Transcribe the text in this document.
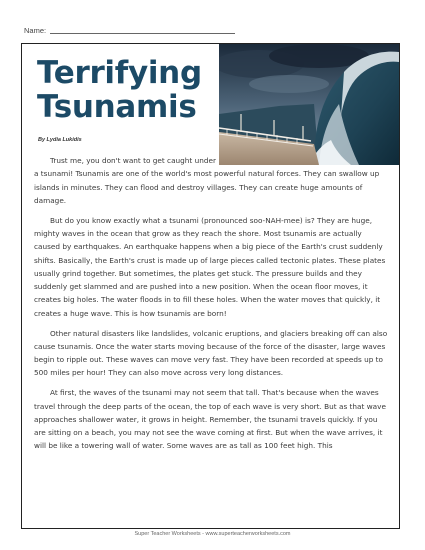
Name:
Terrifying
Tsunamis
By Lydia Lukidis

Trust me, you don't want to get caught under a tsunami! Tsunamis are one of the world's most powerful natural forces. They can swallow up islands in minutes. They can flood and destroy villages. They can create huge amounts of damage.

But do you know exactly what a tsunami (pronounced soo-NAH-mee) is? They are huge, mighty waves in the ocean that grow as they reach the shore. Most tsunamis are actually caused by earthquakes. An earthquake happens when a big piece of the Earth's crust suddenly shifts. Basically, the Earth's crust is made up of large pieces called tectonic plates. These plates usually grind together. But sometimes, the plates get stuck. The pressure builds and they suddenly get slammed and are pushed into a new position. When the ocean floor moves, it creates big holes. The water floods in to fill these holes. When the water moves that quickly, it creates a huge wave. This is how tsunamis are born!

Other natural disasters like landslides, volcanic eruptions, and glaciers breaking off can also cause tsunamis. Once the water starts moving because of the force of the disaster, large waves begin to ripple out. These waves can move very fast. They have been recorded at speeds up to 500 miles per hour! They can also move across very long distances.

At first, the waves of the tsunami may not seem that tall. That's because when the waves travel through the deep parts of the ocean, the top of each wave is very short. But as that wave approaches shallower water, it grows in height. Remember, the tsunami travels quickly. If you are sitting on a beach, you may not see the wave coming at first. But when the wave arrives, it will be like a towering wall of water. Some waves are as tall as 100 feet high. This

Super Teacher Worksheets - www.superteacherworksheets.com
